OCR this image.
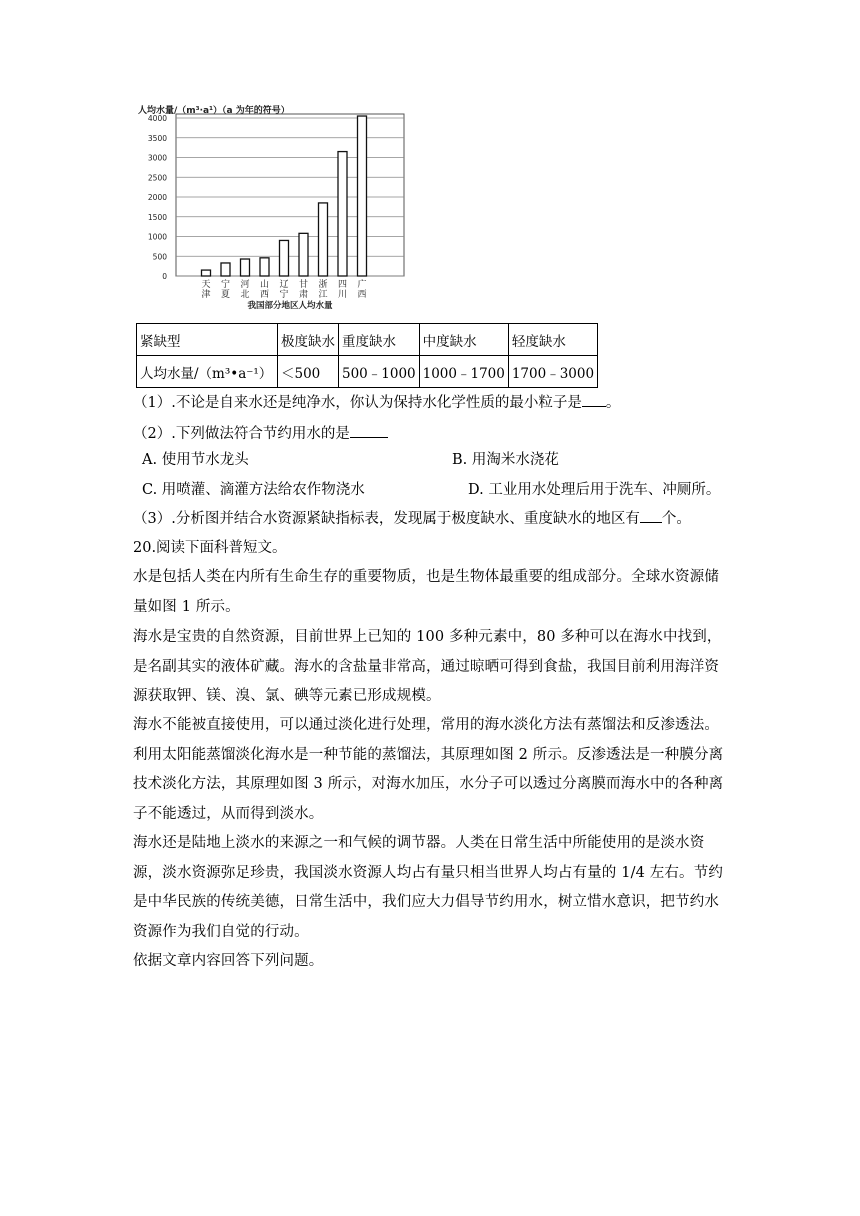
人均水量/（m³·a¹）（a 为年的符号）
0
500
1000
1500
2000
2500
3000
3500
4000
天
津
宁
夏
河
北
山
西
辽
宁
甘
肃
浙
江
四
川
广
西
我国部分地区人均水量
紧缺型	极度缺水	重度缺水	中度缺水	轻度缺水
人均水量/（m³•a⁻¹）	＜500	500﹣1000	1000﹣1700	1700﹣3000
（1）.不论是自来水还是纯净水，你认为保持水化学性质的最小粒子是 。
（2）.下列做法符合节约用水的是
A. 使用节水龙头	B. 用淘米水浇花
C. 用喷灌、滴灌方法给农作物浇水	D. 工业用水处理后用于洗车、冲厕所。
（3）.分析图并结合水资源紧缺指标表，发现属于极度缺水、重度缺水的地区有 个。
20.阅读下面科普短文。
水是包括人类在内所有生命生存的重要物质，也是生物体最重要的组成部分。全球水资源储量如图 1 所示。
海水是宝贵的自然资源，目前世界上已知的 100 多种元素中，80 多种可以在海水中找到，是名副其实的液体矿藏。海水的含盐量非常高，通过晾晒可得到食盐，我国目前利用海洋资源获取钾、镁、溴、氯、碘等元素已形成规模。
海水不能被直接使用，可以通过淡化进行处理，常用的海水淡化方法有蒸馏法和反渗透法。利用太阳能蒸馏淡化海水是一种节能的蒸馏法，其原理如图 2 所示。反渗透法是一种膜分离技术淡化方法，其原理如图 3 所示，对海水加压，水分子可以透过分离膜而海水中的各种离子不能透过，从而得到淡水。
海水还是陆地上淡水的来源之一和气候的调节器。人类在日常生活中所能使用的是淡水资源，淡水资源弥足珍贵，我国淡水资源人均占有量只相当世界人均占有量的 1/4 左右。节约是中华民族的传统美德，日常生活中，我们应大力倡导节约用水，树立惜水意识，把节约水资源作为我们自觉的行动。
依据文章内容回答下列问题。
